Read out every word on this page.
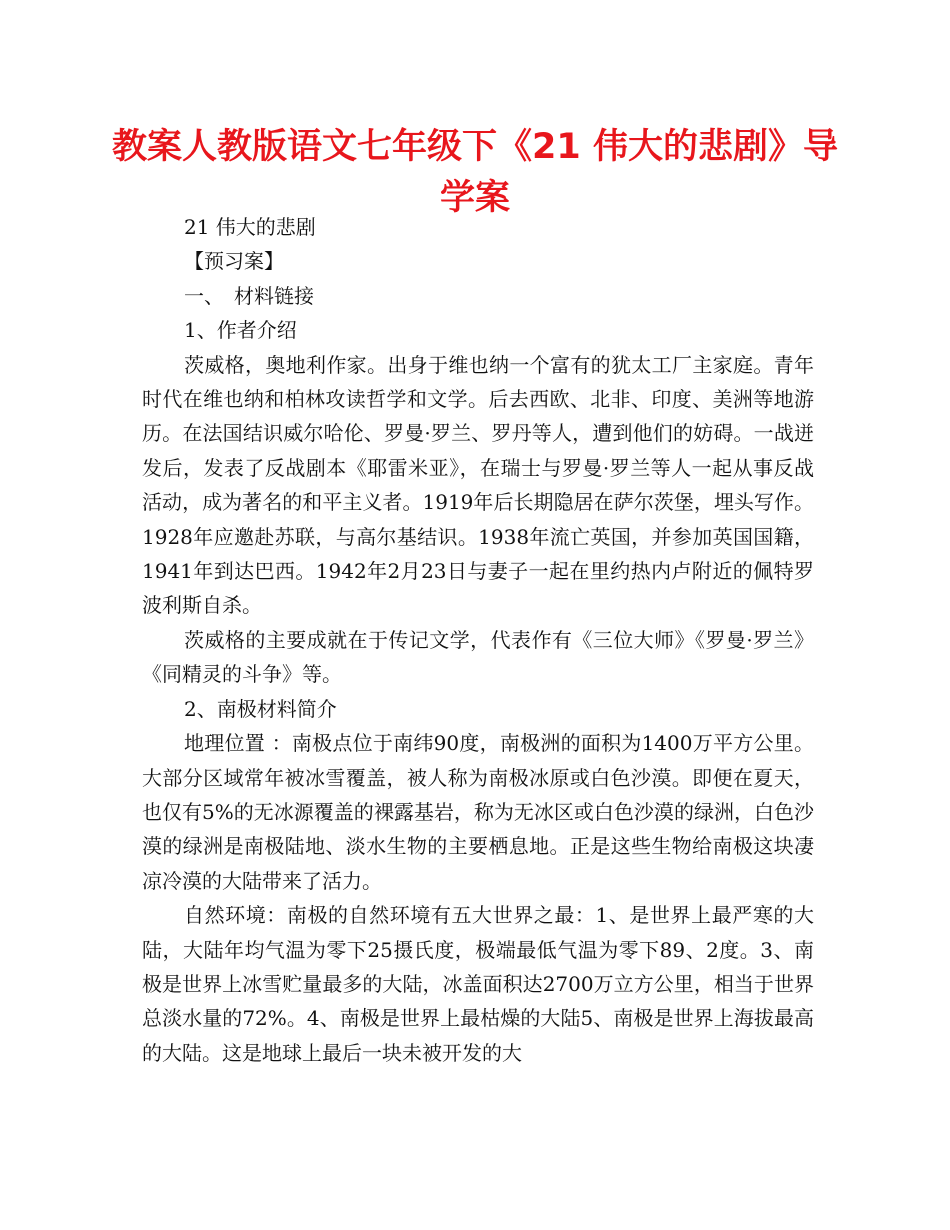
教案人教版语文七年级下《21 伟大的悲剧》导学案

21 伟大的悲剧

【预习案】

一、　材料链接

1、作者介绍

茨威格，奥地利作家。出身于维也纳一个富有的犹太工厂主家庭。青年时代在维也纳和柏林攻读哲学和文学。后去西欧、北非、印度、美洲等地游历。在法国结识威尔哈伦、罗曼·罗兰、罗丹等人，遭到他们的妨碍。一战迸发后，发表了反战剧本《耶雷米亚》，在瑞士与罗曼·罗兰等人一起从事反战活动，成为著名的和平主义者。1919年后长期隐居在萨尔茨堡，埋头写作。1928年应邀赴苏联，与高尔基结识。1938年流亡英国，并参加英国国籍，1941年到达巴西。1942年2月23日与妻子一起在里约热内卢附近的佩特罗波利斯自杀。

茨威格的主要成就在于传记文学，代表作有《三位大师》《罗曼·罗兰》《同精灵的斗争》等。

2、南极材料简介

地理位置 ：南极点位于南纬90度，南极洲的面积为1400万平方公里。大部分区域常年被冰雪覆盖，被人称为南极冰原或白色沙漠。即便在夏天，也仅有5%的无冰源覆盖的裸露基岩，称为无冰区或白色沙漠的绿洲，白色沙漠的绿洲是南极陆地、淡水生物的主要栖息地。正是这些生物给南极这块凄凉冷漠的大陆带来了活力。

自然环境：南极的自然环境有五大世界之最：1、是世界上最严寒的大陆，大陆年均气温为零下25摄氏度，极端最低气温为零下89、2度。3、南极是世界上冰雪贮量最多的大陆，冰盖面积达2700万立方公里，相当于世界总淡水量的72%。4、南极是世界上最枯燥的大陆5、南极是世界上海拔最高的大陆。这是地球上最后一块未被开发的大
